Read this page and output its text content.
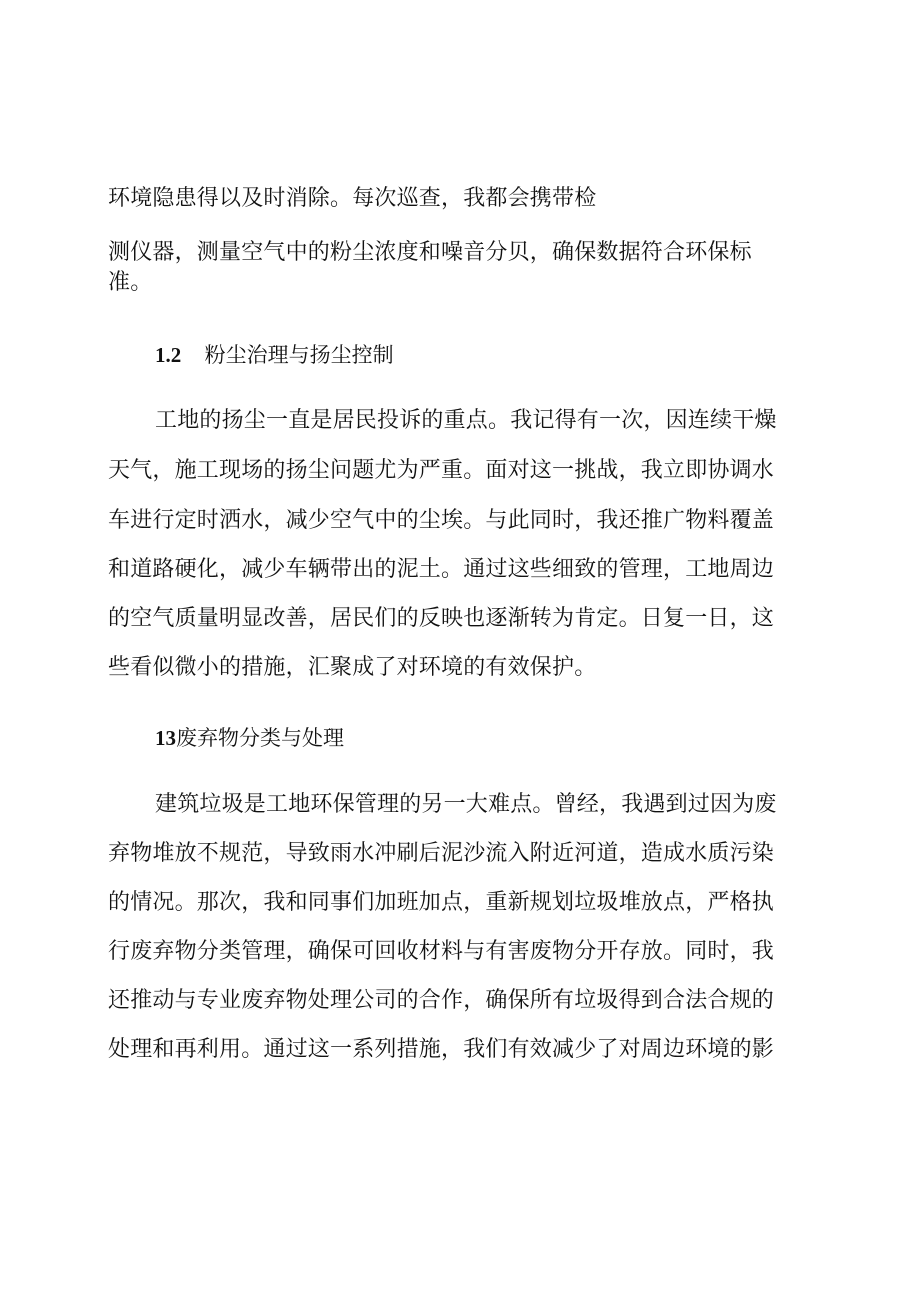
环境隐患得以及时消除。每次巡查，我都会携带检
测仪器，测量空气中的粉尘浓度和噪音分贝，确保数据符合环保标
准。
1.2 粉尘治理与扬尘控制
工地的扬尘一直是居民投诉的重点。我记得有一次，因连续干燥
天气，施工现场的扬尘问题尤为严重。面对这一挑战，我立即协调水
车进行定时洒水，减少空气中的尘埃。与此同时，我还推广物料覆盖
和道路硬化，减少车辆带出的泥土。通过这些细致的管理，工地周边
的空气质量明显改善，居民们的反映也逐渐转为肯定。日复一日，这
些看似微小的措施，汇聚成了对环境的有效保护。
13废弃物分类与处理
建筑垃圾是工地环保管理的另一大难点。曾经，我遇到过因为废
弃物堆放不规范，导致雨水冲刷后泥沙流入附近河道，造成水质污染
的情况。那次，我和同事们加班加点，重新规划垃圾堆放点，严格执
行废弃物分类管理，确保可回收材料与有害废物分开存放。同时，我
还推动与专业废弃物处理公司的合作，确保所有垃圾得到合法合规的
处理和再利用。通过这一系列措施，我们有效减少了对周边环境的影
